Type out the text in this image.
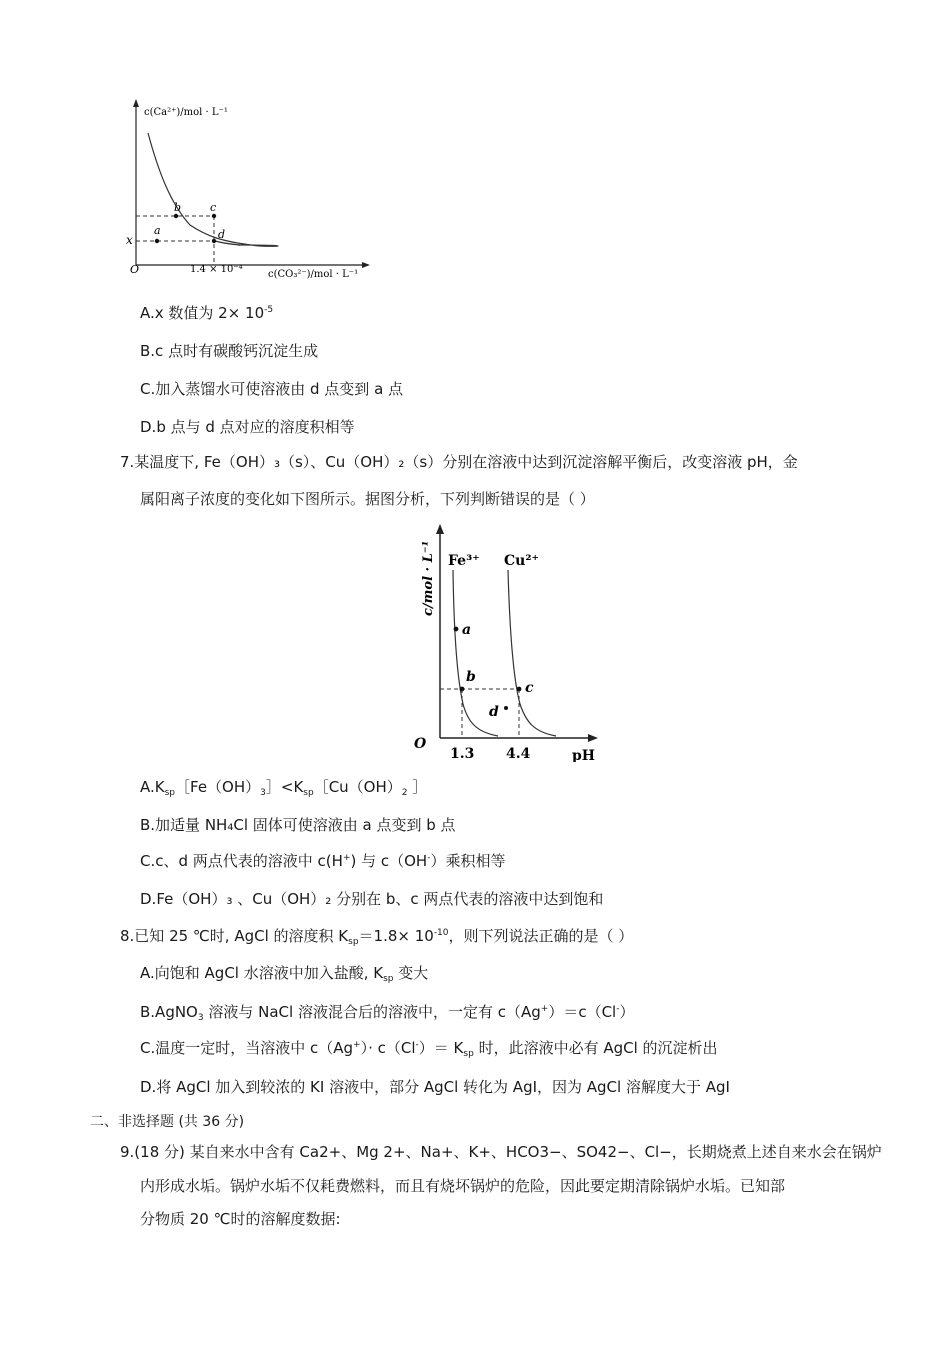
a
b	c
d
x
O	1.4 × 10⁻⁴
c(Ca²⁺)/mol · L⁻¹
c(CO₃²⁻)/mol · L⁻¹
A.x 数值为 $2\times 10^{-5}$
B.c 点时有碳酸钙沉淀生成
C.加入蒸馏水可使溶液由 d 点变到 a 点
D.b 点与 d 点对应的溶度积相等
7.某温度下, Fe（OH）₃（s）、Cu（OH）₂（s）分别在溶液中达到沉淀溶解平衡后，改变溶液 pH，金
属阳离子浓度的变化如下图所示。据图分析，下列判断错误的是（ ）
a
b
c
d
Fe³⁺ Cu²⁺
O
1.3 4.4	pH
c/mol · L⁻¹
$A.K_{sp}[Fe(OH)_3]<K_{sp}[Cu(OH)_2$ ］
B.加适量 NH₄Cl 固体可使溶液由 a 点变到 b 点
C.c、d 两点代表的溶液中 c(H+) 与 c（OH-）乘积相等
D.Fe（OH）₃ 、Cu（OH）₂ 分别在 b、c 两点代表的溶液中达到饱和
8.已知 25 ℃时, AgCl 的溶度积 $K_{sp}=1.8\times 10^{-10}$，则下列说法正确的是（ ）
A.向饱和 AgCl 水溶液中加入盐酸, $K_{sp}$ 变大
B.AgNO$_3$ 溶液与 NaCl 溶液混合后的溶液中，一定有 c（Ag+）＝c（Cl-）
C.温度一定时，当溶液中 $c(Ag^+)\cdot c(Cl^-)= K_{sp}$ 时，此溶液中必有 AgCl 的沉淀析出
D.将 AgCl 加入到较浓的 KI 溶液中，部分 AgCl 转化为 AgI，因为 AgCl 溶解度大于 AgI
二、非选择题 (共 36 分)
9.(18 分) 某自来水中含有 Ca2+、Mg 2+、Na+、K+、HCO3−、SO42−、Cl−，长期烧煮上述自来水会在锅炉
内形成水垢。锅炉水垢不仅耗费燃料，而且有烧坏锅炉的危险，因此要定期清除锅炉水垢。已知部
分物质 20 ℃时的溶解度数据:
